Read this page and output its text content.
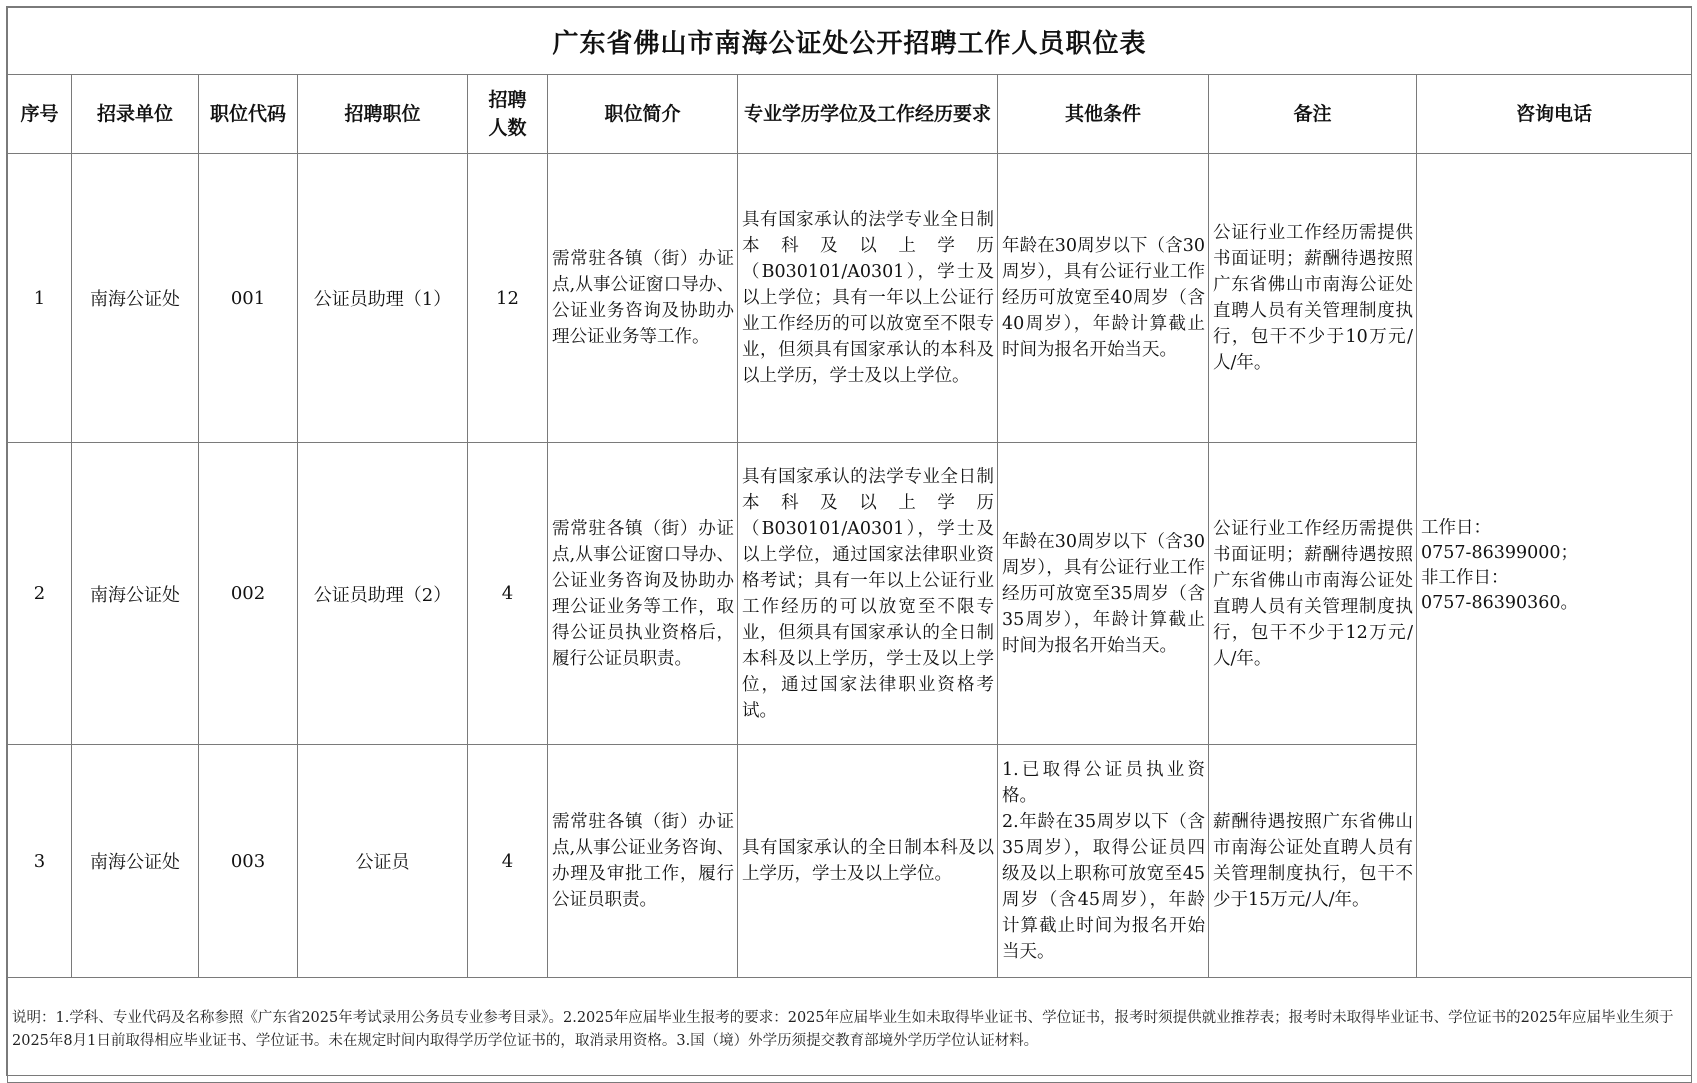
广东省佛山市南海公证处公开招聘工作人员职位表									
序号	招录单位	职位代码	招聘职位	招聘人数	职位简介	专业学历学位及工作经历要求	其他条件	备注	咨询电话
1	南海公证处	001	公证员助理（1）	12	需常驻各镇（街）办证点,从事公证窗口导办、公证业务咨询及协助办理公证业务等工作。	具有国家承认的法学专业全日制本科及以上学历（B030101/A0301），学士及以上学位；具有一年以上公证行业工作经历的可以放宽至不限专业，但须具有国家承认的本科及以上学历，学士及以上学位。	年龄在30周岁以下（含30周岁），具有公证行业工作经历可放宽至40周岁（含40周岁），年龄计算截止时间为报名开始当天。	公证行业工作经历需提供书面证明；薪酬待遇按照广东省佛山市南海公证处直聘人员有关管理制度执行，包干不少于10万元/人/年。	工作日：
0757-86399000；
非工作日：
0757-86390360。

2	南海公证处	002	公证员助理（2）	4	需常驻各镇（街）办证点,从事公证窗口导办、公证业务咨询及协助办理公证业务等工作，取得公证员执业资格后，履行公证员职责。	具有国家承认的法学专业全日制本科及以上学历（B030101/A0301），学士及以上学位，通过国家法律职业资格考试；具有一年以上公证行业工作经历的可以放宽至不限专业，但须具有国家承认的全日制本科及以上学历，学士及以上学位，通过国家法律职业资格考试。	年龄在30周岁以下（含30周岁），具有公证行业工作经历可放宽至35周岁（含35周岁），年龄计算截止时间为报名开始当天。	公证行业工作经历需提供书面证明；薪酬待遇按照广东省佛山市南海公证处直聘人员有关管理制度执行，包干不少于12万元/人/年。	
3	南海公证处	003	公证员	4	需常驻各镇（街）办证点,从事公证业务咨询、办理及审批工作，履行公证员职责。	具有国家承认的全日制本科及以上学历，学士及以上学位。	1.已取得公证员执业资格。
2.年龄在35周岁以下（含35周岁），取得公证员四级及以上职称可放宽至45周岁（含45周岁），年龄计算截止时间为报名开始当天。	薪酬待遇按照广东省佛山市南海公证处直聘人员有关管理制度执行，包干不少于15万元/人/年。	
说明：1.学科、专业代码及名称参照《广东省2025年考试录用公务员专业参考目录》。2.2025年应届毕业生报考的要求：2025年应届毕业生如未取得毕业证书、学位证书，报考时须提供就业推荐表；报考时未取得毕业证书、学位证书的2025年应届毕业生须于2025年8月1日前取得相应毕业证书、学位证书。未在规定时间内取得学历学位证书的，取消录用资格。3.国（境）外学历须提交教育部境外学历学位认证材料。									
